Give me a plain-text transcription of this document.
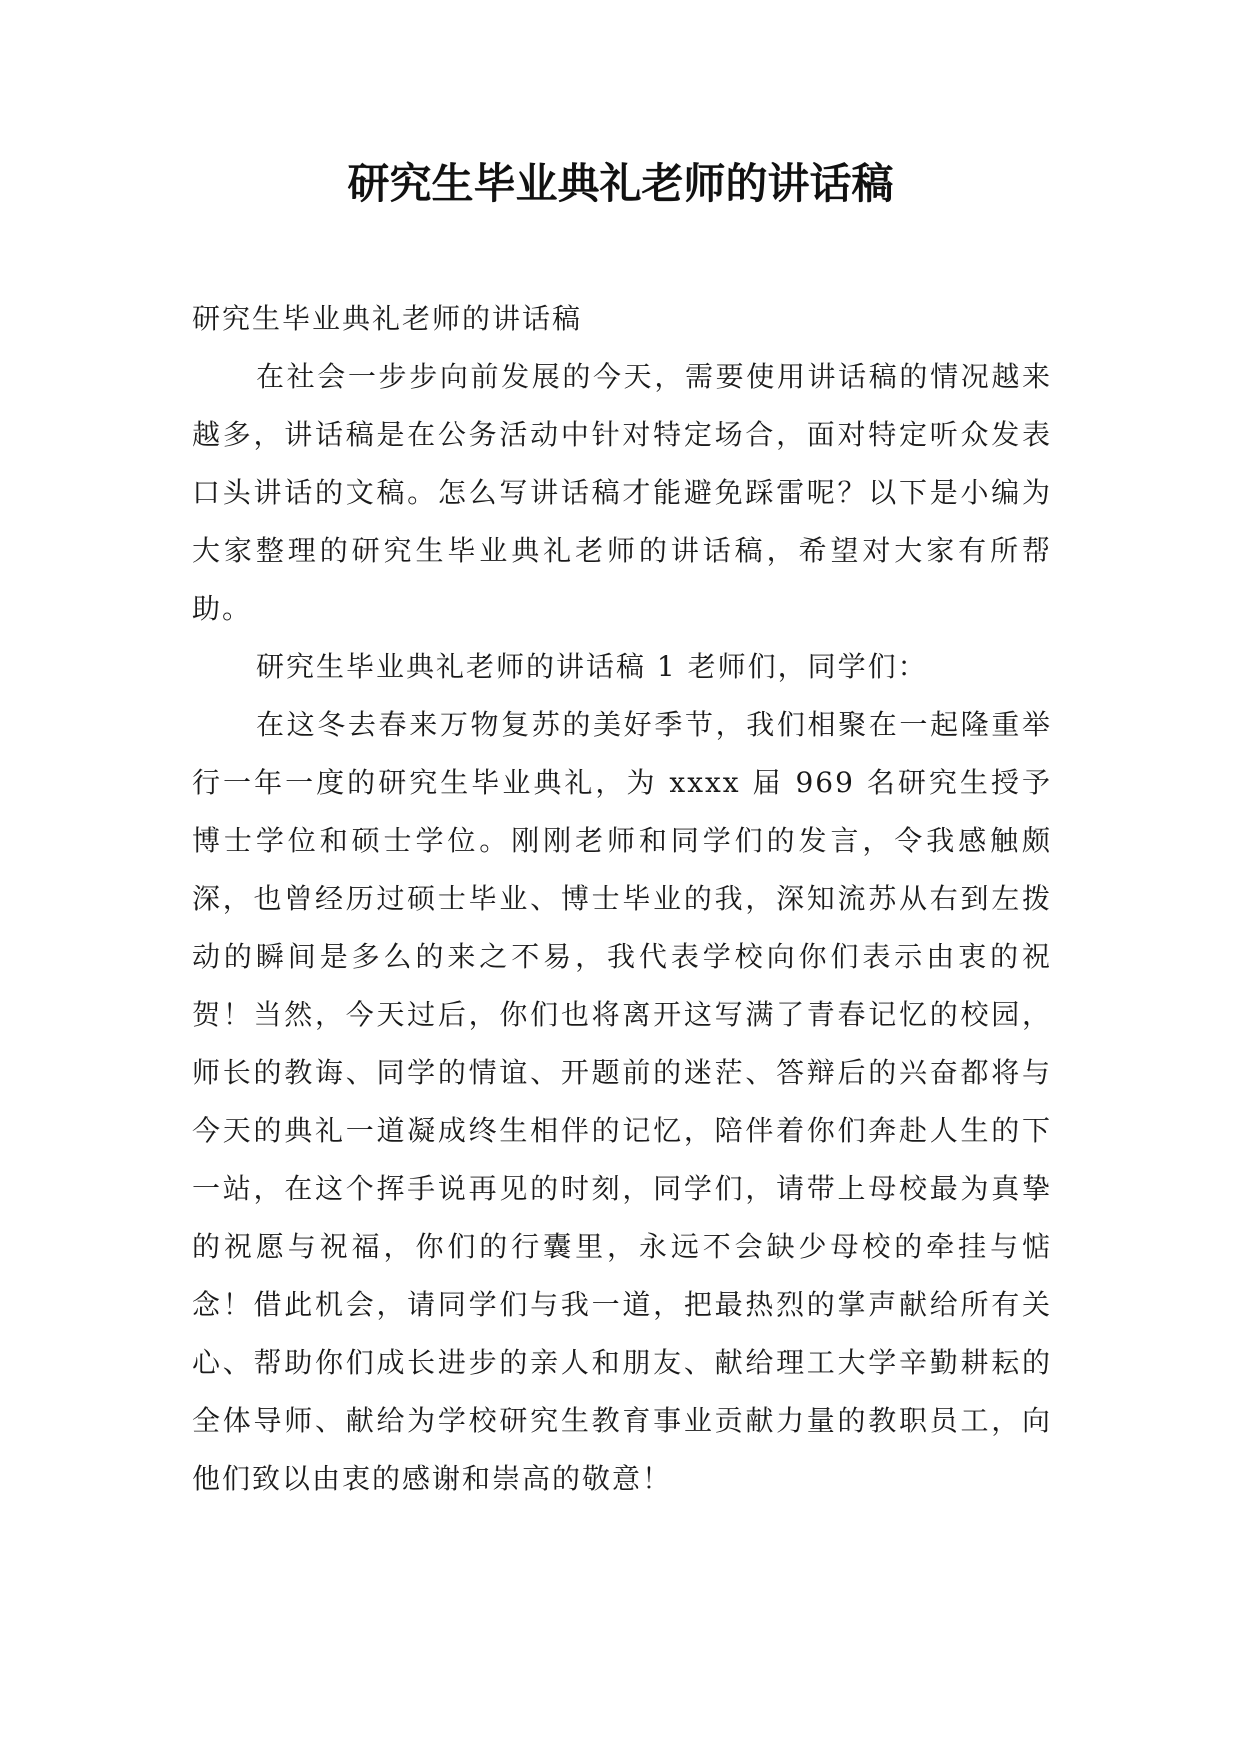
研究生毕业典礼老师的讲话稿

研究生毕业典礼老师的讲话稿

在社会一步步向前发展的今天，需要使用讲话稿的情况越来越多，讲话稿是在公务活动中针对特定场合，面对特定听众发表口头讲话的文稿。怎么写讲话稿才能避免踩雷呢？以下是小编为大家整理的研究生毕业典礼老师的讲话稿，希望对大家有所帮助。

研究生毕业典礼老师的讲话稿 1 老师们，同学们：

在这冬去春来万物复苏的美好季节，我们相聚在一起隆重举行一年一度的研究生毕业典礼，为 xxxx 届 969 名研究生授予博士学位和硕士学位。刚刚老师和同学们的发言，令我感触颇深，也曾经历过硕士毕业、博士毕业的我，深知流苏从右到左拨动的瞬间是多么的来之不易，我代表学校向你们表示由衷的祝贺！当然，今天过后，你们也将离开这写满了青春记忆的校园，师长的教诲、同学的情谊、开题前的迷茫、答辩后的兴奋都将与今天的典礼一道凝成终生相伴的记忆，陪伴着你们奔赴人生的下一站，在这个挥手说再见的时刻，同学们，请带上母校最为真挚的祝愿与祝福，你们的行囊里，永远不会缺少母校的牵挂与惦念！借此机会，请同学们与我一道，把最热烈的掌声献给所有关心、帮助你们成长进步的亲人和朋友、献给理工大学辛勤耕耘的全体导师、献给为学校研究生教育事业贡献力量的教职员工，向他们致以由衷的感谢和崇高的敬意！
